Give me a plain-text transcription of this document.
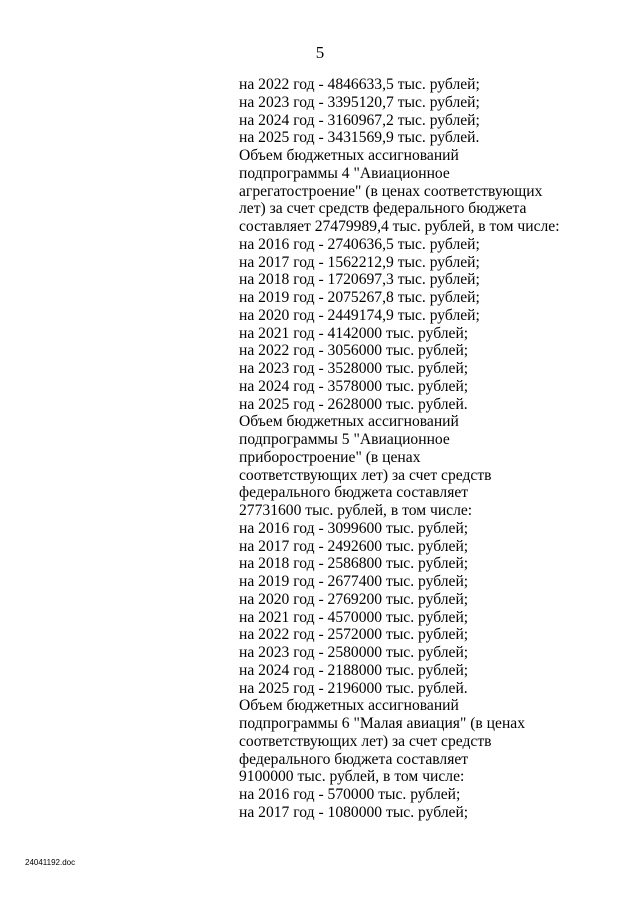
5
на 2022 год - 4846633,5 тыс. рублей;
на 2023 год - 3395120,7 тыс. рублей;
на 2024 год - 3160967,2 тыс. рублей;
на 2025 год - 3431569,9 тыс. рублей.
Объем бюджетных ассигнований
подпрограммы 4 "Авиационное
агрегатостроение" (в ценах соответствующих
лет) за счет средств федерального бюджета
составляет 27479989,4 тыс. рублей, в том числе:
на 2016 год - 2740636,5 тыс. рублей;
на 2017 год - 1562212,9 тыс. рублей;
на 2018 год - 1720697,3 тыс. рублей;
на 2019 год - 2075267,8 тыс. рублей;
на 2020 год - 2449174,9 тыс. рублей;
на 2021 год - 4142000 тыс. рублей;
на 2022 год - 3056000 тыс. рублей;
на 2023 год - 3528000 тыс. рублей;
на 2024 год - 3578000 тыс. рублей;
на 2025 год - 2628000 тыс. рублей.
Объем бюджетных ассигнований
подпрограммы 5 "Авиационное
приборостроение" (в ценах
соответствующих лет) за счет средств
федерального бюджета составляет
27731600 тыс. рублей, в том числе:
на 2016 год - 3099600 тыс. рублей;
на 2017 год - 2492600 тыс. рублей;
на 2018 год - 2586800 тыс. рублей;
на 2019 год - 2677400 тыс. рублей;
на 2020 год - 2769200 тыс. рублей;
на 2021 год - 4570000 тыс. рублей;
на 2022 год - 2572000 тыс. рублей;
на 2023 год - 2580000 тыс. рублей;
на 2024 год - 2188000 тыс. рублей;
на 2025 год - 2196000 тыс. рублей.
Объем бюджетных ассигнований
подпрограммы 6 "Малая авиация" (в ценах
соответствующих лет) за счет средств
федерального бюджета составляет
9100000 тыс. рублей, в том числе:
на 2016 год - 570000 тыс. рублей;
на 2017 год - 1080000 тыс. рублей;
24041192.doc
